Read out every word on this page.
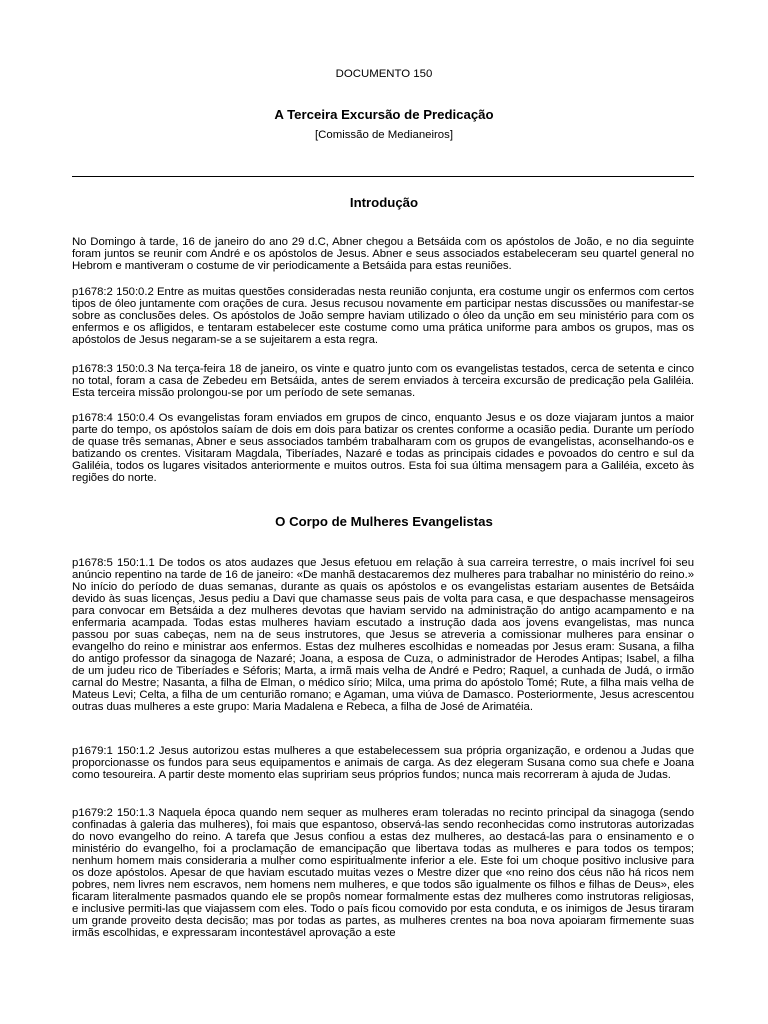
DOCUMENTO 150
A Terceira Excursão de Predicação
[Comissão de Medianeiros]
Introdução

No Domingo à tarde, 16 de janeiro do ano 29 d.C, Abner chegou a Betsáida com os apóstolos de João, e no dia seguinte foram juntos se reunir com André e os apóstolos de Jesus. Abner e seus associados estabeleceram seu quartel general no Hebrom e mantiveram o costume de vir periodicamente a Betsáida para estas reuniões.

p1678:2 150:0.2 Entre as muitas questões consideradas nesta reunião conjunta, era costume ungir os enfermos com certos tipos de óleo juntamente com orações de cura. Jesus recusou novamente em participar nestas discussões ou manifestar-se sobre as conclusões deles. Os apóstolos de João sempre haviam utilizado o óleo da unção em seu ministério para com os enfermos e os afligidos, e tentaram estabelecer este costume como uma prática uniforme para ambos os grupos, mas os apóstolos de Jesus negaram-se a se sujeitarem a esta regra.

p1678:3 150:0.3 Na terça-feira 18 de janeiro, os vinte e quatro junto com os evangelistas testados, cerca de setenta e cinco no total, foram a casa de Zebedeu em Betsáida, antes de serem enviados à terceira excursão de predicação pela Galiléia. Esta terceira missão prolongou-se por um período de sete semanas.

p1678:4 150:0.4 Os evangelistas foram enviados em grupos de cinco, enquanto Jesus e os doze viajaram juntos a maior parte do tempo, os apóstolos saíam de dois em dois para batizar os crentes conforme a ocasião pedia. Durante um período de quase três semanas, Abner e seus associados também trabalharam com os grupos de evangelistas, aconselhando-os e batizando os crentes. Visitaram Magdala, Tiberíades, Nazaré e todas as principais cidades e povoados do centro e sul da Galiléia, todos os lugares visitados anteriormente e muitos outros. Esta foi sua última mensagem para a Galiléia, exceto às regiões do norte.

O Corpo de Mulheres Evangelistas

p1678:5 150:1.1 De todos os atos audazes que Jesus efetuou em relação à sua carreira terrestre, o mais incrível foi seu anúncio repentino na tarde de 16 de janeiro: «De manhã destacaremos dez mulheres para trabalhar no ministério do reino.» No início do período de duas semanas, durante as quais os apóstolos e os evangelistas estariam ausentes de Betsáida devido às suas licenças, Jesus pediu a Davi que chamasse seus pais de volta para casa, e que despachasse mensageiros para convocar em Betsáida a dez mulheres devotas que haviam servido na administração do antigo acampamento e na enfermaria acampada. Todas estas mulheres haviam escutado a instrução dada aos jovens evangelistas, mas nunca passou por suas cabeças, nem na de seus instrutores, que Jesus se atreveria a comissionar mulheres para ensinar o evangelho do reino e ministrar aos enfermos. Estas dez mulheres escolhidas e nomeadas por Jesus eram: Susana, a filha do antigo professor da sinagoga de Nazaré; Joana, a esposa de Cuza, o administrador de Herodes Antipas; Isabel, a filha de um judeu rico de Tiberíades e Séforis; Marta, a irmã mais velha de André e Pedro; Raquel, a cunhada de Judá, o irmão carnal do Mestre; Nasanta, a filha de Elman, o médico sírio; Milca, uma prima do apóstolo Tomé; Rute, a filha mais velha de Mateus Levi; Celta, a filha de um centurião romano; e Agaman, uma viúva de Damasco. Posteriormente, Jesus acrescentou outras duas mulheres a este grupo: Maria Madalena e Rebeca, a filha de José de Arimatéia.

p1679:1 150:1.2 Jesus autorizou estas mulheres a que estabelecessem sua própria organização, e ordenou a Judas que proporcionasse os fundos para seus equipamentos e animais de carga. As dez elegeram Susana como sua chefe e Joana como tesoureira. A partir deste momento elas supririam seus próprios fundos; nunca mais recorreram à ajuda de Judas.

p1679:2 150:1.3 Naquela época quando nem sequer as mulheres eram toleradas no recinto principal da sinagoga (sendo confinadas à galeria das mulheres), foi mais que espantoso, observá-las sendo reconhecidas como instrutoras autorizadas do novo evangelho do reino. A tarefa que Jesus confiou a estas dez mulheres, ao destacá-las para o ensinamento e o ministério do evangelho, foi a proclamação de emancipação que libertava todas as mulheres e para todos os tempos; nenhum homem mais consideraria a mulher como espiritualmente inferior a ele. Este foi um choque positivo inclusive para os doze apóstolos. Apesar de que haviam escutado muitas vezes o Mestre dizer que «no reino dos céus não há ricos nem pobres, nem livres nem escravos, nem homens nem mulheres, e que todos são igualmente os filhos e filhas de Deus», eles ficaram literalmente pasmados quando ele se propôs nomear formalmente estas dez mulheres como instrutoras religiosas, e inclusive permiti-las que viajassem com eles. Todo o país ficou comovido por esta conduta, e os inimigos de Jesus tiraram um grande proveito desta decisão; mas por todas as partes, as mulheres crentes na boa nova apoiaram firmemente suas irmãs escolhidas, e expressaram incontestável aprovação a este
